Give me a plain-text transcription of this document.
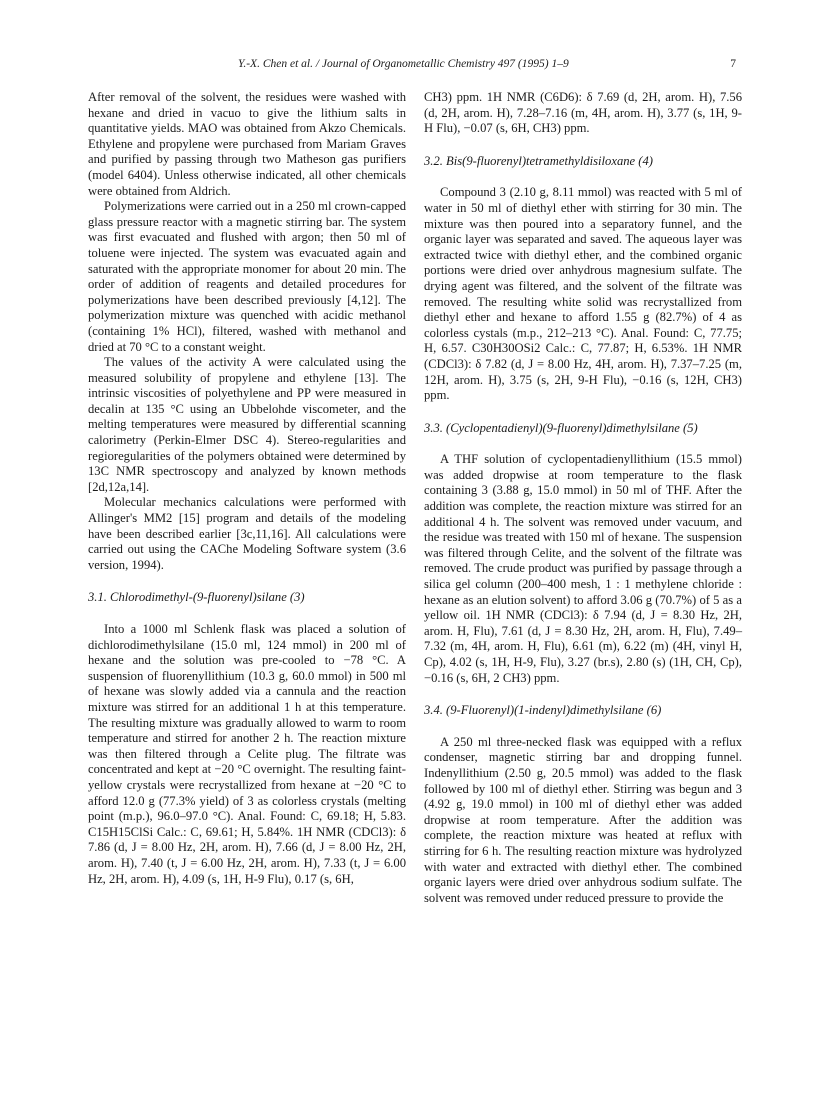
Y.-X. Chen et al. / Journal of Organometallic Chemistry 497 (1995) 1–9	7

After removal of the solvent, the residues were washed with hexane and dried in vacuo to give the lithium salts in quantitative yields. MAO was obtained from Akzo Chemicals. Ethylene and propylene were purchased from Mariam Graves and purified by passing through two Matheson gas purifiers (model 6404). Unless otherwise indicated, all other chemicals were obtained from Aldrich.

Polymerizations were carried out in a 250 ml crown-capped glass pressure reactor with a magnetic stirring bar. The system was first evacuated and flushed with argon; then 50 ml of toluene were injected. The system was evacuated again and saturated with the appropriate monomer for about 20 min. The order of addition of reagents and detailed procedures for polymerizations have been described previously [4,12]. The polymerization mixture was quenched with acidic methanol (containing 1% HCl), filtered, washed with methanol and dried at 70 °C to a constant weight.

The values of the activity A were calculated using the measured solubility of propylene and ethylene [13]. The intrinsic viscosities of polyethylene and PP were measured in decalin at 135 °C using an Ubbelohde viscometer, and the melting temperatures were measured by differential scanning calorimetry (Perkin-Elmer DSC 4). Stereo-regularities and regioregularities of the polymers obtained were determined by 13C NMR spectroscopy and analyzed by known methods [2d,12a,14].

Molecular mechanics calculations were performed with Allinger's MM2 [15] program and details of the modeling have been described earlier [3c,11,16]. All calculations were carried out using the CAChe Modeling Software system (3.6 version, 1994).

3.1. Chlorodimethyl-(9-fluorenyl)silane (3)

Into a 1000 ml Schlenk flask was placed a solution of dichlorodimethylsilane (15.0 ml, 124 mmol) in 200 ml of hexane and the solution was pre-cooled to −78 °C. A suspension of fluorenyllithium (10.3 g, 60.0 mmol) in 500 ml of hexane was slowly added via a cannula and the reaction mixture was stirred for an additional 1 h at this temperature. The resulting mixture was gradually allowed to warm to room temperature and stirred for another 2 h. The reaction mixture was then filtered through a Celite plug. The filtrate was concentrated and kept at −20 °C overnight. The resulting faint-yellow crystals were recrystallized from hexane at −20 °C to afford 12.0 g (77.3% yield) of 3 as colorless crystals (melting point (m.p.), 96.0–97.0 °C). Anal. Found: C, 69.18; H, 5.83. C15H15ClSi Calc.: C, 69.61; H, 5.84%. 1H NMR (CDCl3): δ 7.86 (d, J = 8.00 Hz, 2H, arom. H), 7.66 (d, J = 8.00 Hz, 2H, arom. H), 7.40 (t, J = 6.00 Hz, 2H, arom. H), 7.33 (t, J = 6.00 Hz, 2H, arom. H), 4.09 (s, 1H, H-9 Flu), 0.17 (s, 6H,

CH3) ppm. 1H NMR (C6D6): δ 7.69 (d, 2H, arom. H), 7.56 (d, 2H, arom. H), 7.28–7.16 (m, 4H, arom. H), 3.77 (s, 1H, 9-H Flu), −0.07 (s, 6H, CH3) ppm.

3.2. Bis(9-fluorenyl)tetramethyldisiloxane (4)

Compound 3 (2.10 g, 8.11 mmol) was reacted with 5 ml of water in 50 ml of diethyl ether with stirring for 30 min. The mixture was then poured into a separatory funnel, and the organic layer was separated and saved. The aqueous layer was extracted twice with diethyl ether, and the combined organic portions were dried over anhydrous magnesium sulfate. The drying agent was filtered, and the solvent of the filtrate was removed. The resulting white solid was recrystallized from diethyl ether and hexane to afford 1.55 g (82.7%) of 4 as colorless cystals (m.p., 212–213 °C). Anal. Found: C, 77.75; H, 6.57. C30H30OSi2 Calc.: C, 77.87; H, 6.53%. 1H NMR (CDCl3): δ 7.82 (d, J = 8.00 Hz, 4H, arom. H), 7.37–7.25 (m, 12H, arom. H), 3.75 (s, 2H, 9-H Flu), −0.16 (s, 12H, CH3) ppm.

3.3. (Cyclopentadienyl)(9-fluorenyl)dimethylsilane (5)

A THF solution of cyclopentadienyllithium (15.5 mmol) was added dropwise at room temperature to the flask containing 3 (3.88 g, 15.0 mmol) in 50 ml of THF. After the addition was complete, the reaction mixture was stirred for an additional 4 h. The solvent was removed under vacuum, and the residue was treated with 150 ml of hexane. The suspension was filtered through Celite, and the solvent of the filtrate was removed. The crude product was purified by passage through a silica gel column (200–400 mesh, 1 : 1 methylene chloride : hexane as an elution solvent) to afford 3.06 g (70.7%) of 5 as a yellow oil. 1H NMR (CDCl3): δ 7.94 (d, J = 8.30 Hz, 2H, arom. H, Flu), 7.61 (d, J = 8.30 Hz, 2H, arom. H, Flu), 7.49–7.32 (m, 4H, arom. H, Flu), 6.61 (m), 6.22 (m) (4H, vinyl H, Cp), 4.02 (s, 1H, H-9, Flu), 3.27 (br.s), 2.80 (s) (1H, CH, Cp), −0.16 (s, 6H, 2 CH3) ppm.

3.4. (9-Fluorenyl)(1-indenyl)dimethylsilane (6)

A 250 ml three-necked flask was equipped with a reflux condenser, magnetic stirring bar and dropping funnel. Indenyllithium (2.50 g, 20.5 mmol) was added to the flask followed by 100 ml of diethyl ether. Stirring was begun and 3 (4.92 g, 19.0 mmol) in 100 ml of diethyl ether was added dropwise at room temperature. After the addition was complete, the reaction mixture was heated at reflux with stirring for 6 h. The resulting reaction mixture was hydrolyzed with water and extracted with diethyl ether. The combined organic layers were dried over anhydrous sodium sulfate. The solvent was removed under reduced pressure to provide the
